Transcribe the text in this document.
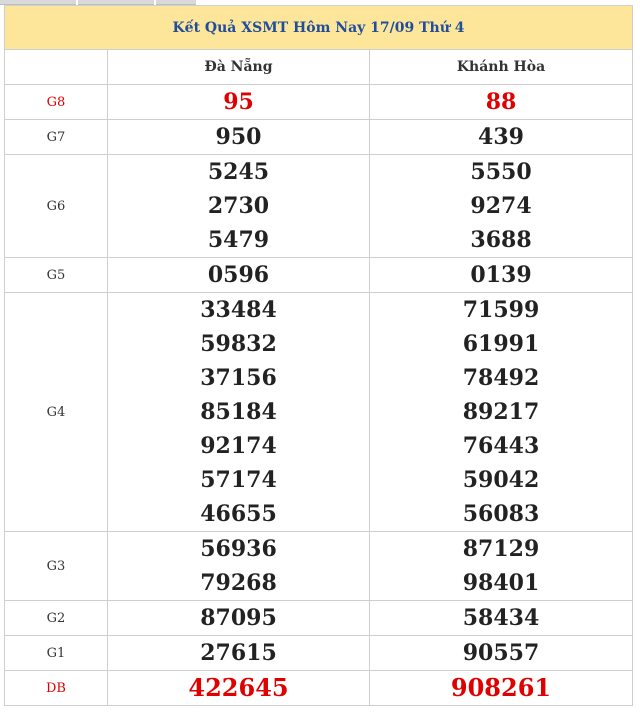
Kết Quả XSMT Hôm Nay 17/09 Thứ 4		
	Đà Nẵng	Khánh Hòa
G8	95	88
G7	950	439
G6	5245	5550
	2730	9274
	5479	3688
G5	0596	0139
G4	33484	71599
	59832	61991
	37156	78492
	85184	89217
	92174	76443
	57174	59042
	46655	56083
G3	56936	87129
	79268	98401
G2	87095	58434
G1	27615	90557
DB	422645	908261
